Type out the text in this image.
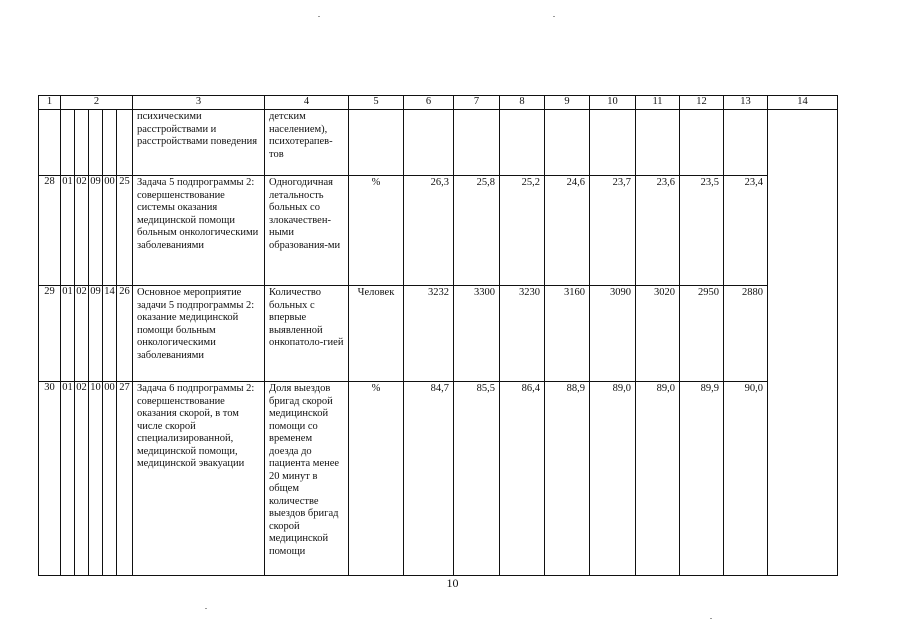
1	2					3	4	5	6	7	8	9	10	11	12	13	14
						психическими расстройствами и расстройствами поведения	детским населением), психотерапев-тов										
28	01	02	09	00	25	Задача 5 подпрограммы 2: совершенствование системы оказания медицинской помощи больным онкологическими заболеваниями	Одногодичная летальность больных со злокачествен-ными образования-ми	%	26,3	25,8	25,2	24,6	23,7	23,6	23,5	23,4	
29	01	02	09	14	26	Основное мероприятие задачи 5 подпрограммы 2: оказание медицинской помощи больным онкологическими заболеваниями	Количество больных с впервые выявленной онкопатоло-гией	Человек	3232	3300	3230	3160	3090	3020	2950	2880	
30	01	02	10	00	27	Задача 6 подпрограммы 2: совершенствование оказания скорой, в том числе скорой специализированной, медицинской помощи, медицинской эвакуации	Доля выездов бригад скорой медицинской помощи со временем доезда до пациента менее 20 минут в общем количестве выездов бригад скорой медицинской помощи	%	84,7	85,5	86,4	88,9	89,0	89,0	89,9	90,0	
10
